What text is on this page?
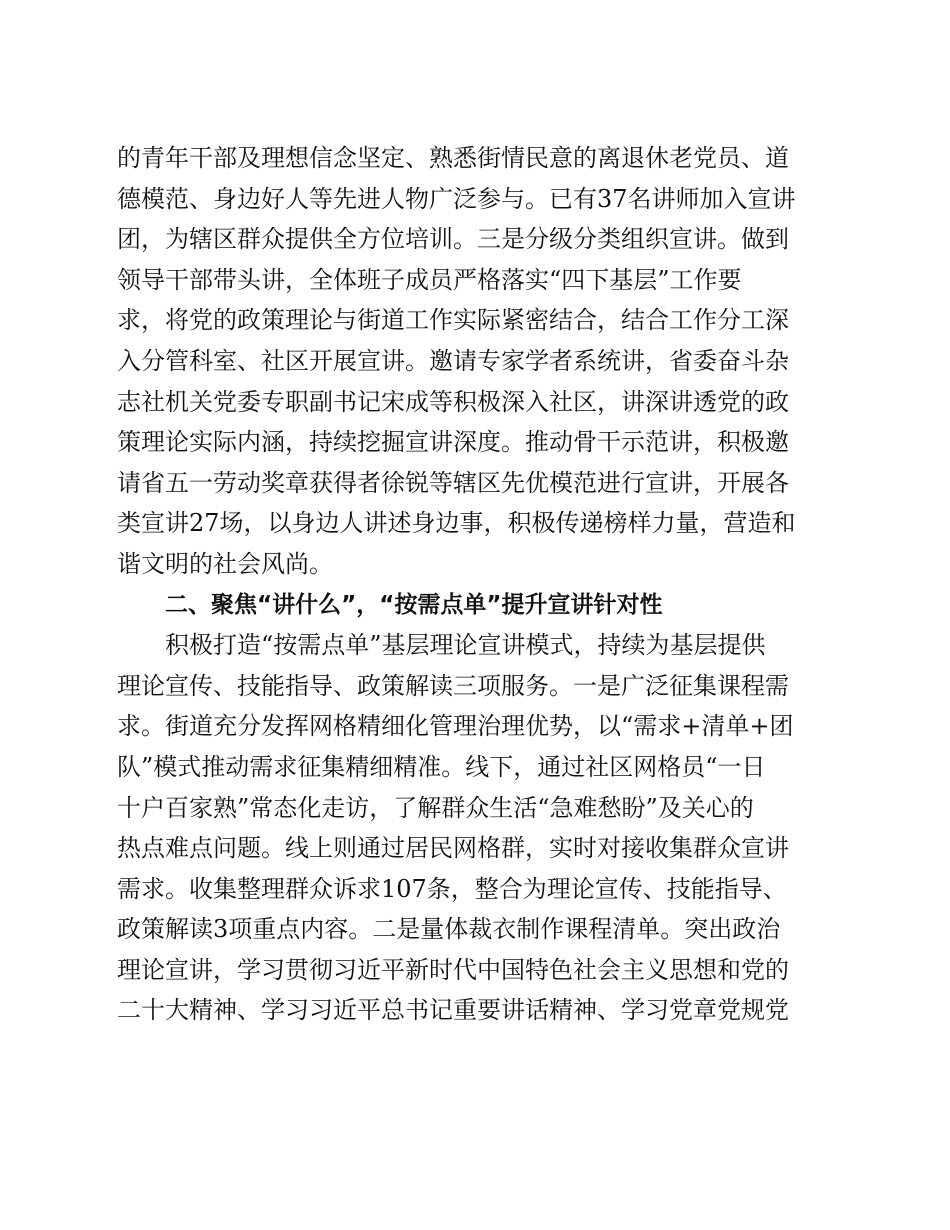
的青年干部及理想信念坚定、熟悉街情民意的离退休老党员、道
德模范、身边好人等先进人物广泛参与。已有37名讲师加入宣讲
团，为辖区群众提供全方位培训。三是分级分类组织宣讲。做到
领导干部带头讲，全体班子成员严格落实“四下基层”工作要
求，将党的政策理论与街道工作实际紧密结合，结合工作分工深
入分管科室、社区开展宣讲。邀请专家学者系统讲，省委奋斗杂
志社机关党委专职副书记宋成等积极深入社区，讲深讲透党的政
策理论实际内涵，持续挖掘宣讲深度。推动骨干示范讲，积极邀
请省五一劳动奖章获得者徐锐等辖区先优模范进行宣讲，开展各
类宣讲27场，以身边人讲述身边事，积极传递榜样力量，营造和
谐文明的社会风尚。
二、聚焦“讲什么”，“按需点单”提升宣讲针对性
积极打造“按需点单”基层理论宣讲模式，持续为基层提供
理论宣传、技能指导、政策解读三项服务。一是广泛征集课程需
求。街道充分发挥网格精细化管理治理优势，以“需求+清单+团
队”模式推动需求征集精细精准。线下，通过社区网格员“一日
十户百家熟”常态化走访，了解群众生活“急难愁盼”及关心的
热点难点问题。线上则通过居民网格群，实时对接收集群众宣讲
需求。收集整理群众诉求107条，整合为理论宣传、技能指导、
政策解读3项重点内容。二是量体裁衣制作课程清单。突出政治
理论宣讲，学习贯彻习近平新时代中国特色社会主义思想和党的
二十大精神、学习习近平总书记重要讲话精神、学习党章党规党
